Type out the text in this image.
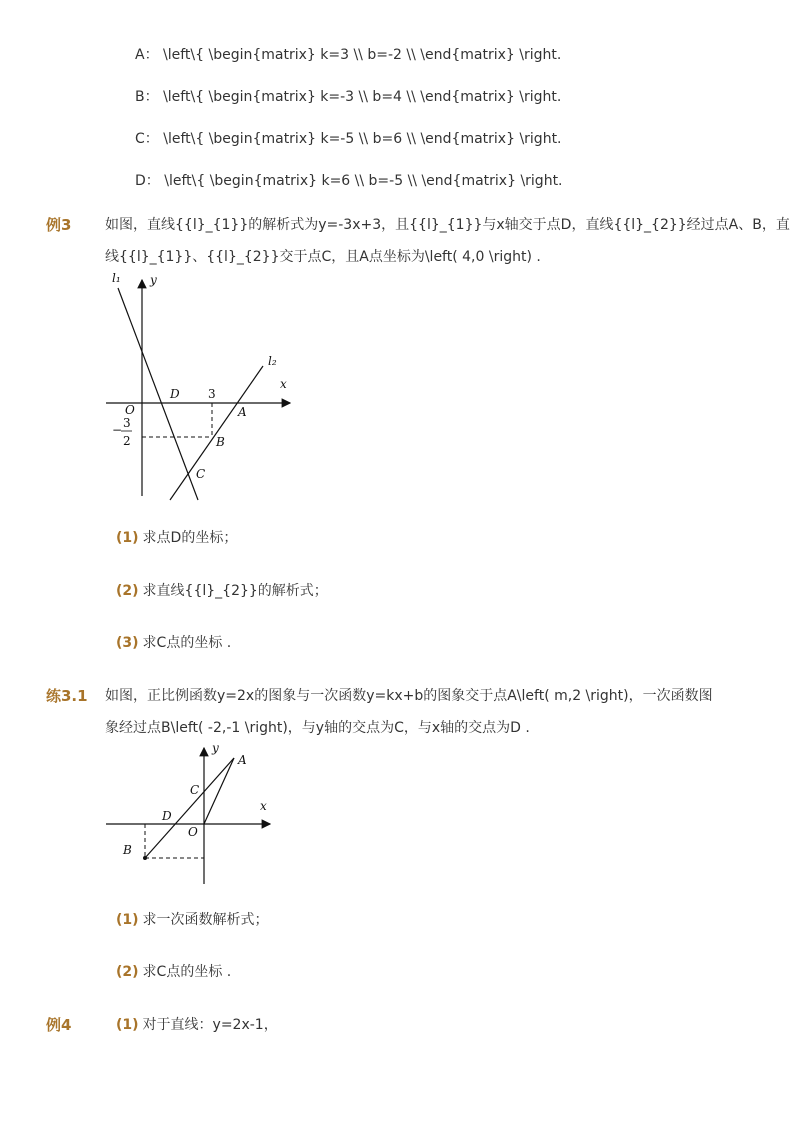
A： \left\{ \begin{matrix} k=3 \\ b=-2 \\ \end{matrix} \right.
B： \left\{ \begin{matrix} k=-3 \\ b=4 \\ \end{matrix} \right.
C： \left\{ \begin{matrix} k=-5 \\ b=6 \\ \end{matrix} \right.
D： \left\{ \begin{matrix} k=6 \\ b=-5 \\ \end{matrix} \right.
例3 如图，直线{{l}_{1}}的解析式为y=-3x+3，且{{l}_{1}}与x轴交于点D，直线{{l}_{2}}经过点A、B，直
线{{l}_{1}}、{{l}_{2}}交于点C，且A点坐标为\left( 4,0 \right) .
l₁ y
l₂
x
O
D 3
A
B
C
− 3
2
(1) 求点D的坐标；
(2) 求直线{{l}_{2}}的解析式；
(3) 求C点的坐标 .
练3.1 如图，正比例函数y=2x的图象与一次函数y=kx+b的图象交于点A\left( m,2 \right)，一次函数图
象经过点B\left( -2,-1 \right)，与y轴的交点为C，与x轴的交点为D .
y
A
x
C
D
O
B
(1) 求一次函数解析式；
(2) 求C点的坐标 .
例4	(1) 对于直线：y=2x-1，
